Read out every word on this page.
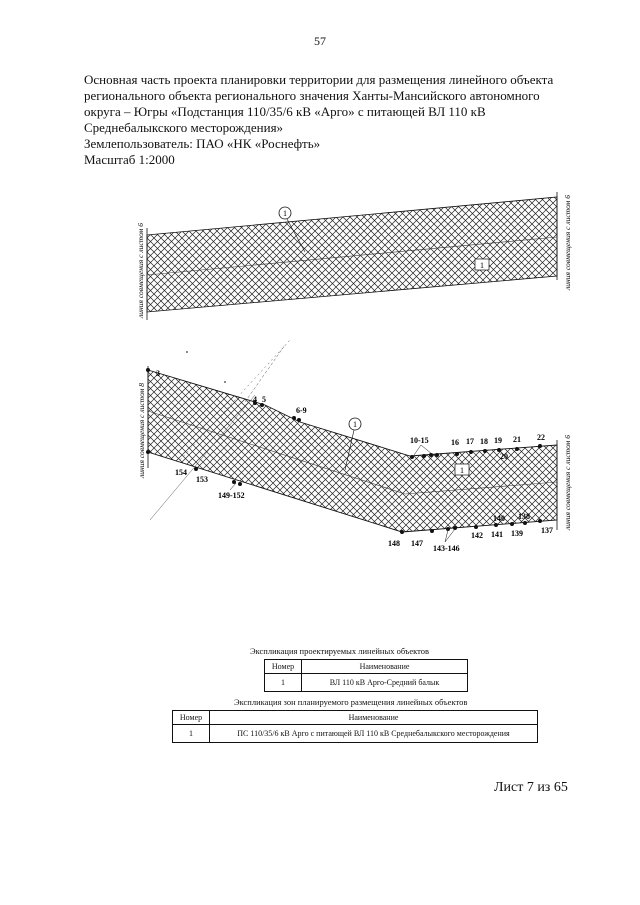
57
Основная часть проекта планировки территории для размещения линейного объекта
регионального объекта регионального значения Ханты-Мансийского автономного
округа – Югры «Подстанция 110/35/6 кВ «Арго» с питающей ВЛ 110 кВ
Среднебалыкского месторождения»
Землепользователь: ПАО «НК «Роснефть»
Масштаб 1:2000
1
1
линия совмещения с листом 6	линия совмещения с листом 6
3
4 5
6-9
10-15	16 17 18 19
20
21 22
154
153
149-152
148 147
143-146
142 141
140
139
138
137
1
1
линия совмещения с листом 8
линия совмещения с листом 6
Экспликация проектируемых линейных объектов
Номер	Наименование
1	ВЛ 110 кВ Арго-Средний балык
Экспликация зон планируемого размещения линейных объектов
Номер	Наименование
1	ПС 110/35/6 кВ Арго с питающей ВЛ 110 кВ Среднебалыкского месторождения
Лист 7 из 65
